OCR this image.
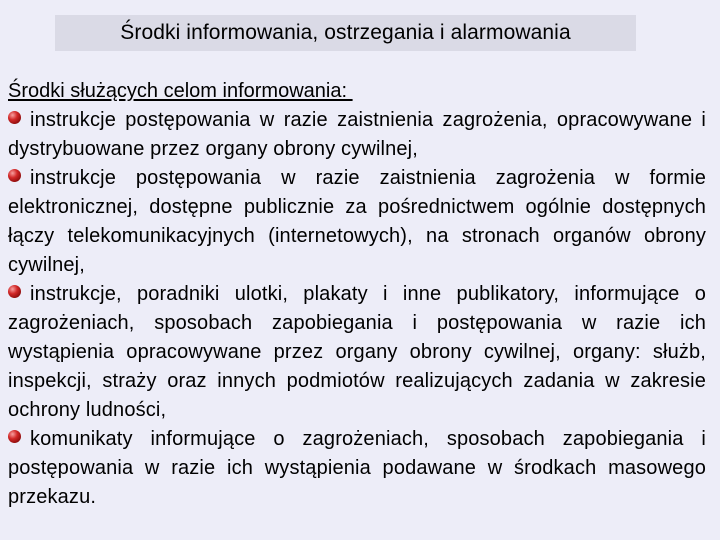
Środki informowania, ostrzegania i alarmowania
Środki służących celom informowania:
instrukcje postępowania w razie zaistnienia zagrożenia, opracowywane i dystrybuowane przez organy obrony cywilnej,
instrukcje postępowania w razie zaistnienia zagrożenia w formie elektronicznej, dostępne publicznie za pośrednictwem ogólnie dostępnych łączy telekomunikacyjnych (internetowych), na stronach organów obrony cywilnej,
instrukcje, poradniki ulotki, plakaty i inne publikatory, informujące o zagrożeniach, sposobach zapobiegania i postępowania w razie ich wystąpienia opracowywane przez organy obrony cywilnej, organy: służb, inspekcji, straży oraz innych podmiotów realizujących zadania w zakresie ochrony ludności,
komunikaty informujące o zagrożeniach, sposobach zapobiegania i postępowania w razie ich wystąpienia podawane w środkach masowego przekazu.
